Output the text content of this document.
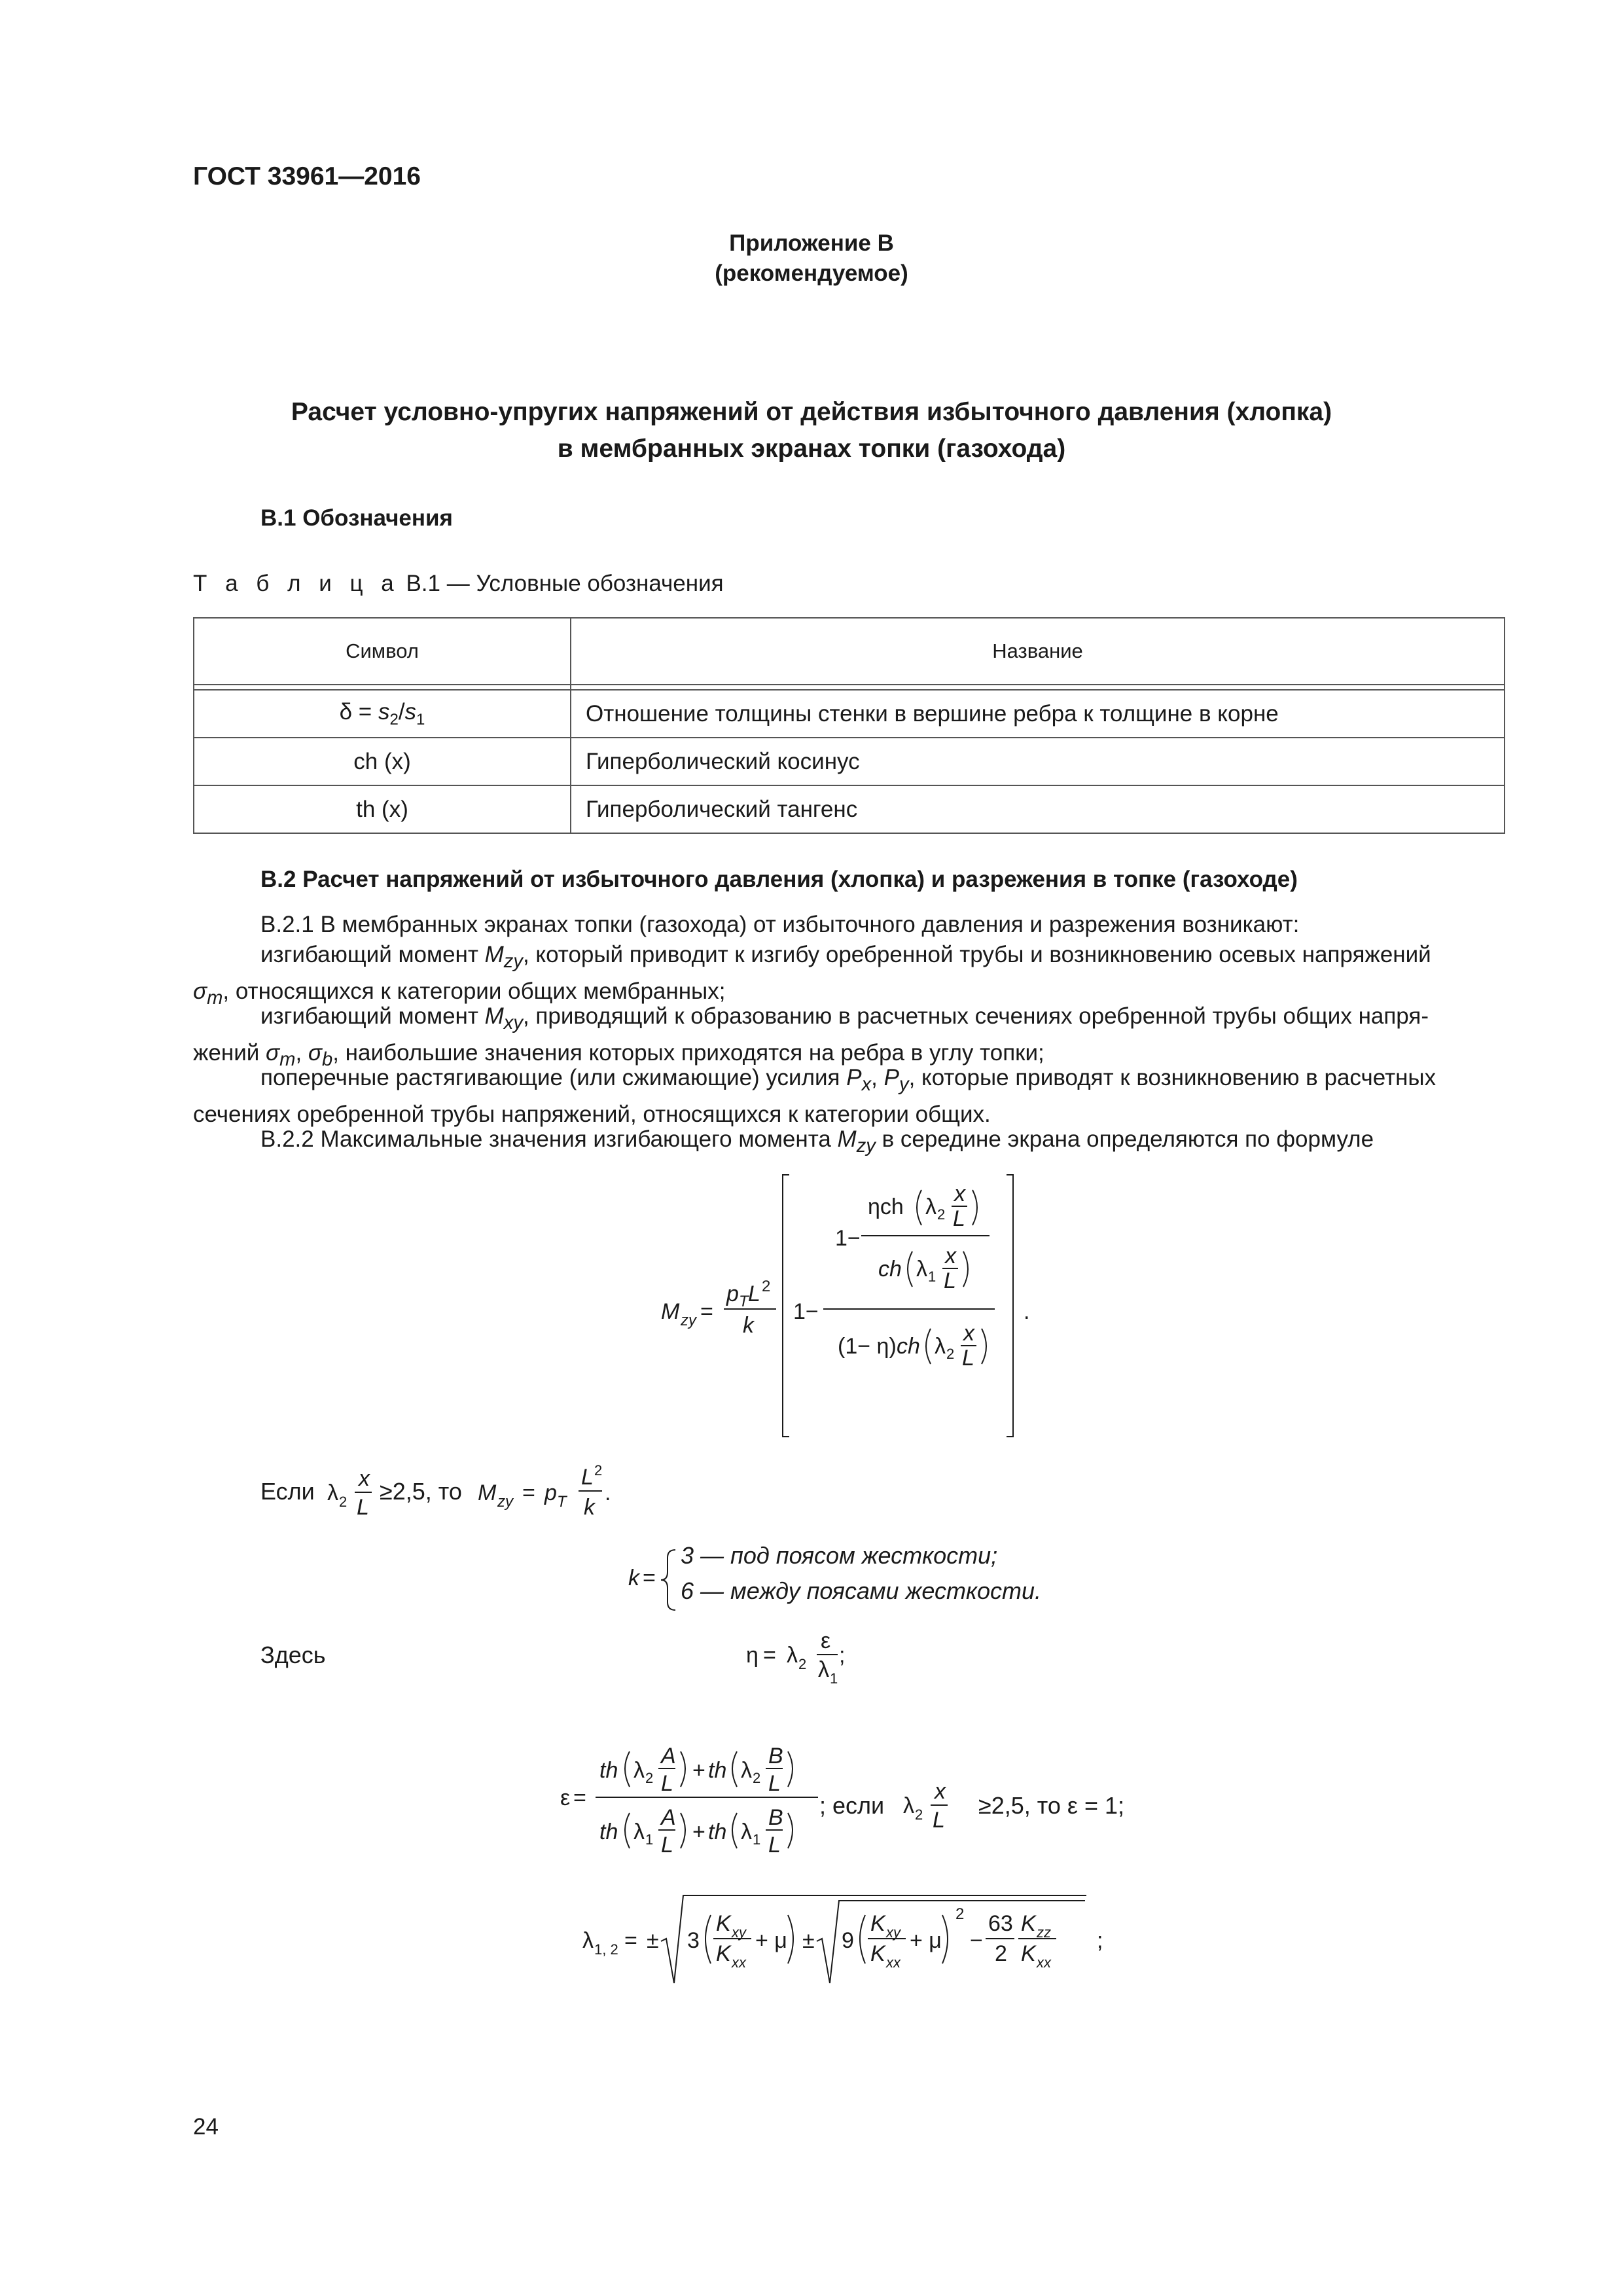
ГОСТ 33961—2016
Приложение В
(рекомендуемое)
Расчет условно-упругих напряжений от действия избыточного давления (хлопка)
в мембранных экранах топки (газохода)
В.1 Обозначения
Т а б л и ц а В.1 — Условные обозначения
Символ	Название

$\delta = s_2/s_1$	Отношение толщины стенки в вершине ребра к толщине в корне
ch (x)	Гиперболический косинус
th (x)	Гиперболический тангенс
В.2 Расчет напряжений от избыточного давления (хлопка) и разрежения в топке (газоходе)
В.2.1 В мембранных экранах топки (газохода) от избыточного давления и разрежения возникают:
изгибающий момент $M_{zy}$, который приводит к изгибу оребренной трубы и возникновению осевых напряжений
$\sigma_m$, относящихся к категории общих мембранных;
изгибающий момент $M_{xy}$, приводящий к образованию в расчетных сечениях оребренной трубы общих напря-
жений $\sigma_m$, $\sigma_b$, наибольшие значения которых приходятся на ребра в углу топки;
поперечные растягивающие (или сжимающие) усилия $P_x$, $P_y$, которые приводят к возникновению в расчетных
сечениях оребренной трубы напряжений, относящихся к категории общих.
В.2.2 Максимальные значения изгибающего момента $M_{zy}$ в середине экрана определяются по формуле
M zy =
p T L 2
k
1−
1−
ηch λ 2
x
L
ch λ 1
x
L
(1− η) ch λ 2
x
L
.
Если λ 2
x
L
≥2,5, то M zy = p T
L 2
k
.
k =
3 — под поясом жесткости;
6 — между поясами жесткости.
Здесь	η = λ 2
ε
λ 1
;
ε =
th λ 2
A
L
+ th λ 2
B
L
th λ 1
A
L
+ th λ 1
B
L
; если λ 2
x
L
≥2,5, то ε = 1;
λ 1, 2 = ± 3
K xy
K xx
+ μ ± 9
K xy
K xx
+ μ
2
−
63
2
K zz
K xx
;
24
